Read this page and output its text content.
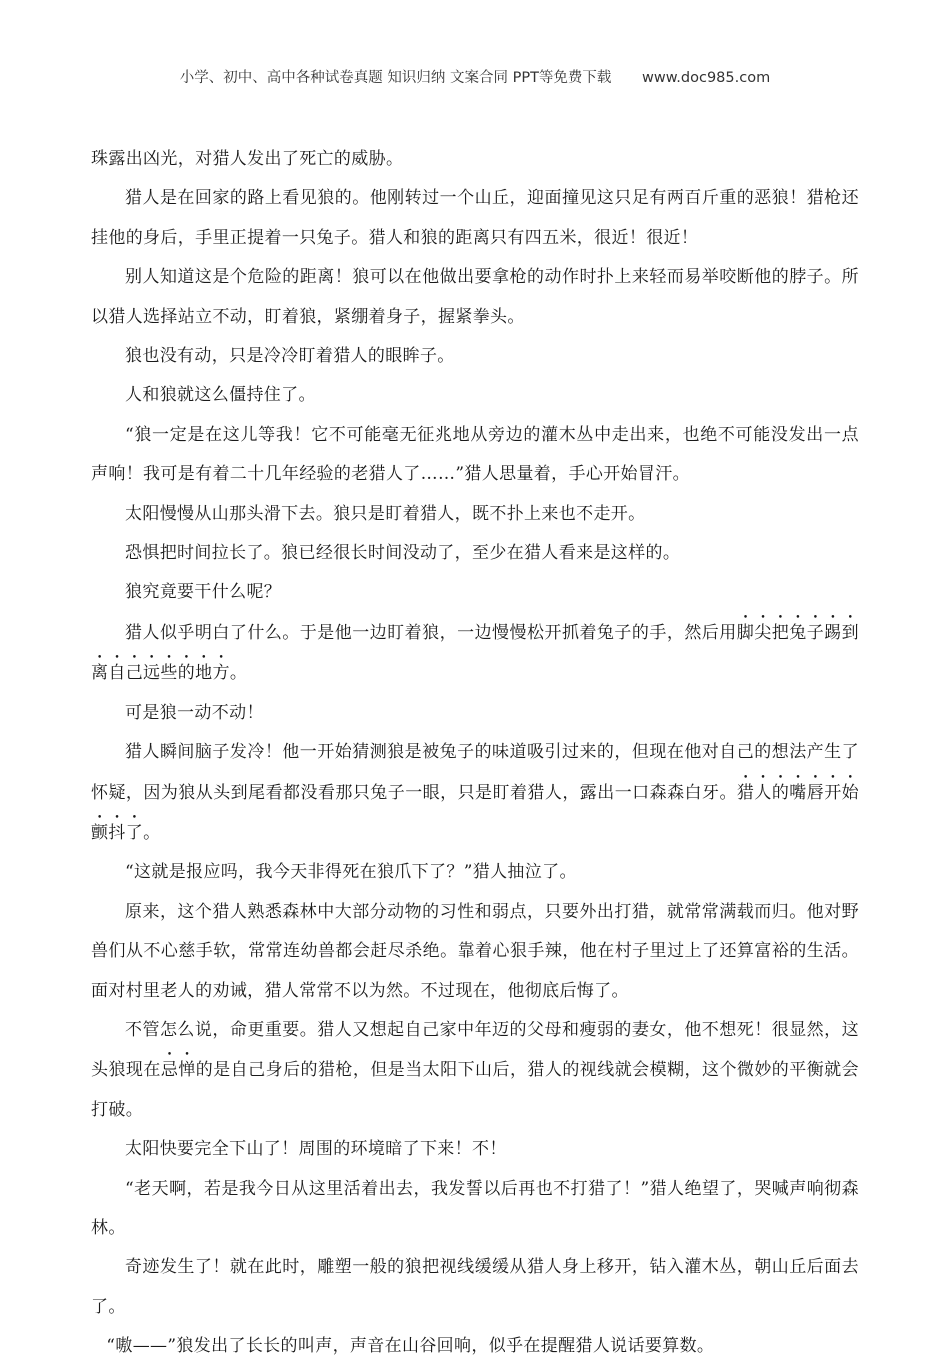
小学、初中、高中各种试卷真题 知识归纳 文案合同 PPT等免费下载 www.doc985.com

珠露出凶光，对猎人发出了死亡的威胁。

猎人是在回家的路上看见狼的。他刚转过一个山丘，迎面撞见这只足有两百斤重的恶狼！猎枪还挂他的身后，手里正提着一只兔子。猎人和狼的距离只有四五米，很近！很近！

别人知道这是个危险的距离！狼可以在他做出要拿枪的动作时扑上来轻而易举咬断他的脖子。所以猎人选择站立不动，盯着狼，紧绷着身子，握紧拳头。

狼也没有动，只是冷冷盯着猎人的眼眸子。

人和狼就这么僵持住了。

“狼一定是在这儿等我！它不可能毫无征兆地从旁边的灌木丛中走出来，也绝不可能没发出一点声响！我可是有着二十几年经验的老猎人了……”猎人思量着，手心开始冒汗。

太阳慢慢从山那头滑下去。狼只是盯着猎人，既不扑上来也不走开。

恐惧把时间拉长了。狼已经很长时间没动了，至少在猎人看来是这样的。

狼究竟要干什么呢？

猎人似乎明白了什么。于是他一边盯着狼，一边慢慢松开抓着兔子的手，然后用脚尖把兔子踢到离自己远些的地方。

可是狼一动不动！

猎人瞬间脑子发冷！他一开始猜测狼是被兔子的味道吸引过来的，但现在他对自己的想法产生了怀疑，因为狼从头到尾看都没看那只兔子一眼，只是盯着猎人，露出一口森森白牙。猎人的嘴唇开始颤抖了。

“这就是报应吗，我今天非得死在狼爪下了？”猎人抽泣了。

原来，这个猎人熟悉森林中大部分动物的习性和弱点，只要外出打猎，就常常满载而归。他对野兽们从不心慈手软，常常连幼兽都会赶尽杀绝。靠着心狠手辣，他在村子里过上了还算富裕的生活。面对村里老人的劝诫，猎人常常不以为然。不过现在，他彻底后悔了。

不管怎么说，命更重要。猎人又想起自己家中年迈的父母和瘦弱的妻女，他不想死！很显然，这头狼现在忌惮的是自己身后的猎枪，但是当太阳下山后，猎人的视线就会模糊，这个微妙的平衡就会打破。

太阳快要完全下山了！周围的环境暗了下来！不！

“老天啊，若是我今日从这里活着出去，我发誓以后再也不打猎了！”猎人绝望了，哭喊声响彻森林。

奇迹发生了！就在此时，雕塑一般的狼把视线缓缓从猎人身上移开，钻入灌木丛，朝山丘后面去了。

“嗷——”狼发出了长长的叫声，声音在山谷回响，似乎在提醒猎人说话要算数。
